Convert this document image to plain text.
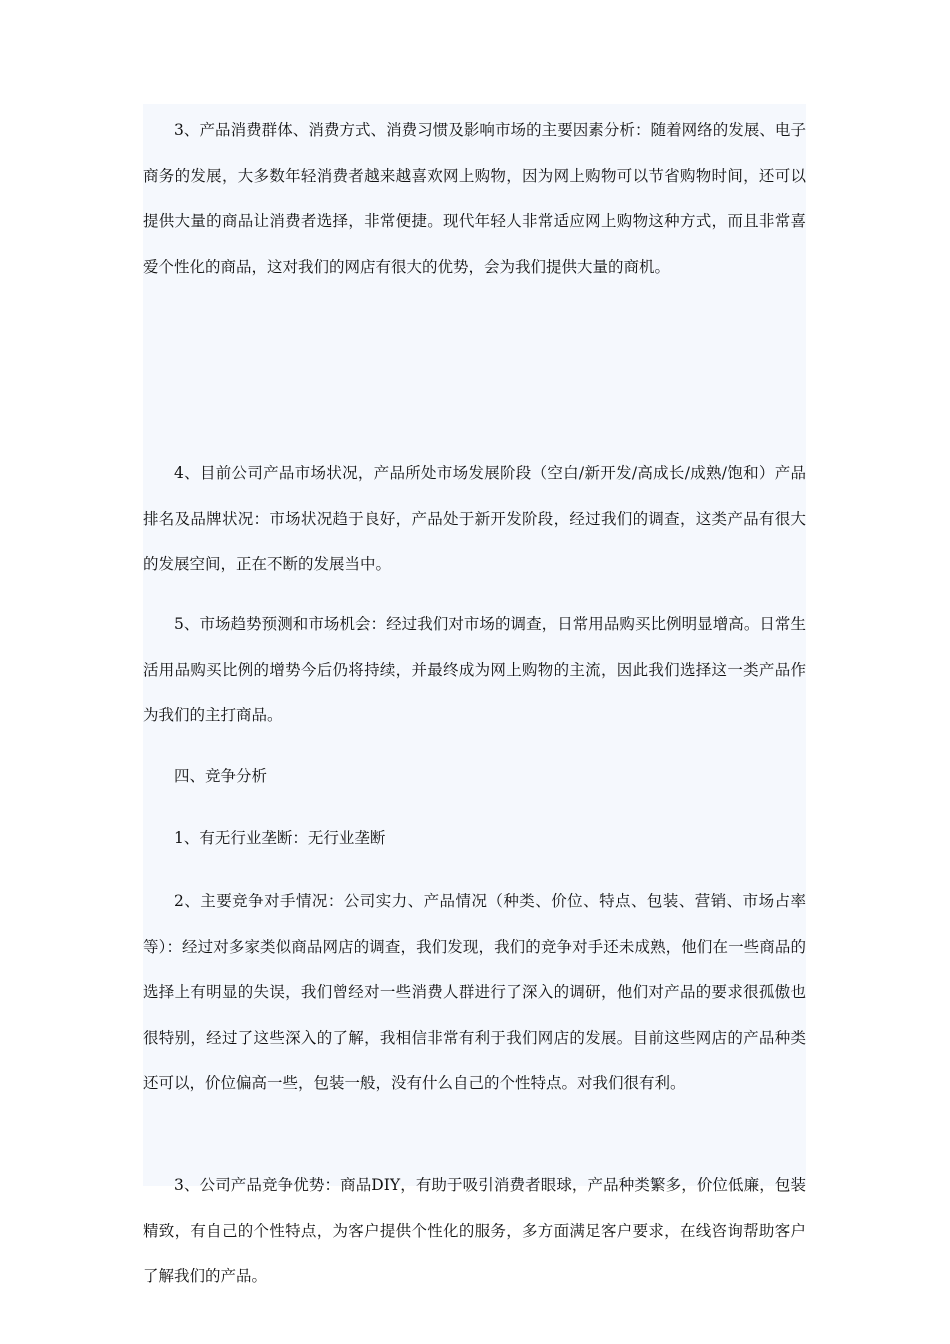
3、产品消费群体、消费方式、消费习惯及影响市场的主要因素分析：随着网络的发展、电子商务的发展，大多数年轻消费者越来越喜欢网上购物，因为网上购物可以节省购物时间，还可以提供大量的商品让消费者选择，非常便捷。现代年轻人非常适应网上购物这种方式，而且非常喜爱个性化的商品，这对我们的网店有很大的优势，会为我们提供大量的商机。

4、目前公司产品市场状况，产品所处市场发展阶段（空白/新开发/高成长/成熟/饱和）产品排名及品牌状况：市场状况趋于良好，产品处于新开发阶段，经过我们的调查，这类产品有很大的发展空间，正在不断的发展当中。

5、市场趋势预测和市场机会：经过我们对市场的调查，日常用品购买比例明显增高。日常生活用品购买比例的增势今后仍将持续，并最终成为网上购物的主流，因此我们选择这一类产品作为我们的主打商品。

四、竞争分析

1、有无行业垄断：无行业垄断

2、主要竞争对手情况：公司实力、产品情况（种类、价位、特点、包装、营销、市场占率等）：经过对多家类似商品网店的调查，我们发现，我们的竞争对手还未成熟，他们在一些商品的选择上有明显的失误，我们曾经对一些消费人群进行了深入的调研，他们对产品的要求很孤傲也很特别，经过了这些深入的了解，我相信非常有利于我们网店的发展。目前这些网店的产品种类还可以，价位偏高一些，包装一般，没有什么自己的个性特点。对我们很有利。

3、公司产品竞争优势：商品DIY，有助于吸引消费者眼球，产品种类繁多，价位低廉，包装精致，有自己的个性特点，为客户提供个性化的服务，多方面满足客户要求，在线咨询帮助客户了解我们的产品。
